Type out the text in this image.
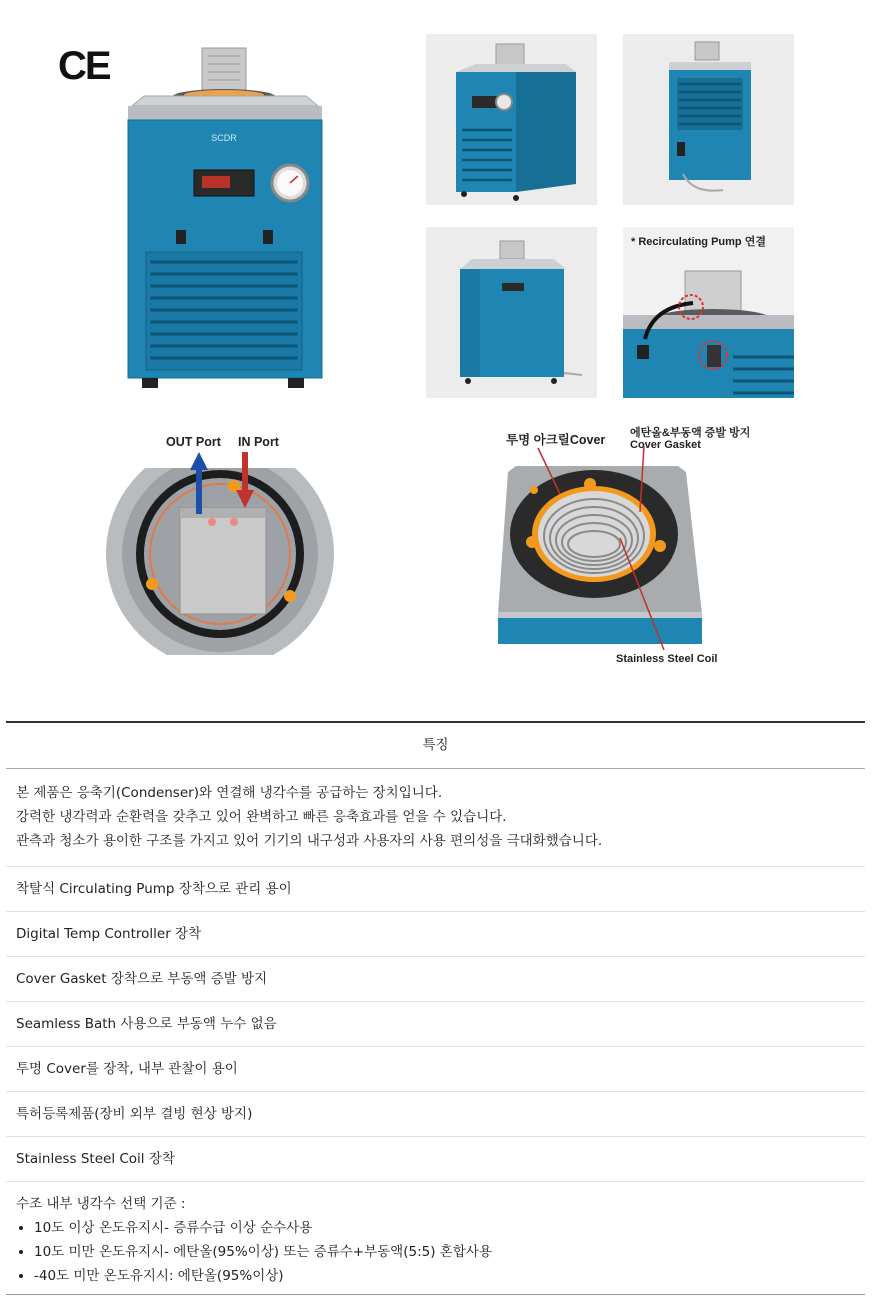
CE
SCDR
* Recirculating Pump 연결
OUT Port IN Port	투명 아크릴Cover 에탄올&부동액 증발 방지
Cover Gasket
Stainless Steel Coil
특징
본 제품은 응축기(Condenser)와 연결해 냉각수를 공급하는 장치입니다.
강력한 냉각력과 순환력을 갖추고 있어 완벽하고 빠른 응축효과를 얻을 수 있습니다.
관측과 청소가 용이한 구조를 가지고 있어 기기의 내구성과 사용자의 사용 편의성을 극대화했습니다.
착탈식 Circulating Pump 장착으로 관리 용이
Digital Temp Controller 장착
Cover Gasket 장착으로 부동액 증발 방지
Seamless Bath 사용으로 부동액 누수 없음
투명 Cover를 장착, 내부 관찰이 용이
특허등록제품(장비 외부 결빙 현상 방지)
Stainless Steel Coil 장착
수조 내부 냉각수 선택 기준 :
• 10도 이상 온도유지시- 증류수급 이상 순수사용
• 10도 미만 온도유지시- 에탄올(95%이상) 또는 증류수+부동액(5:5) 혼합사용
• -40도 미만 온도유지시: 에탄올(95%이상)
